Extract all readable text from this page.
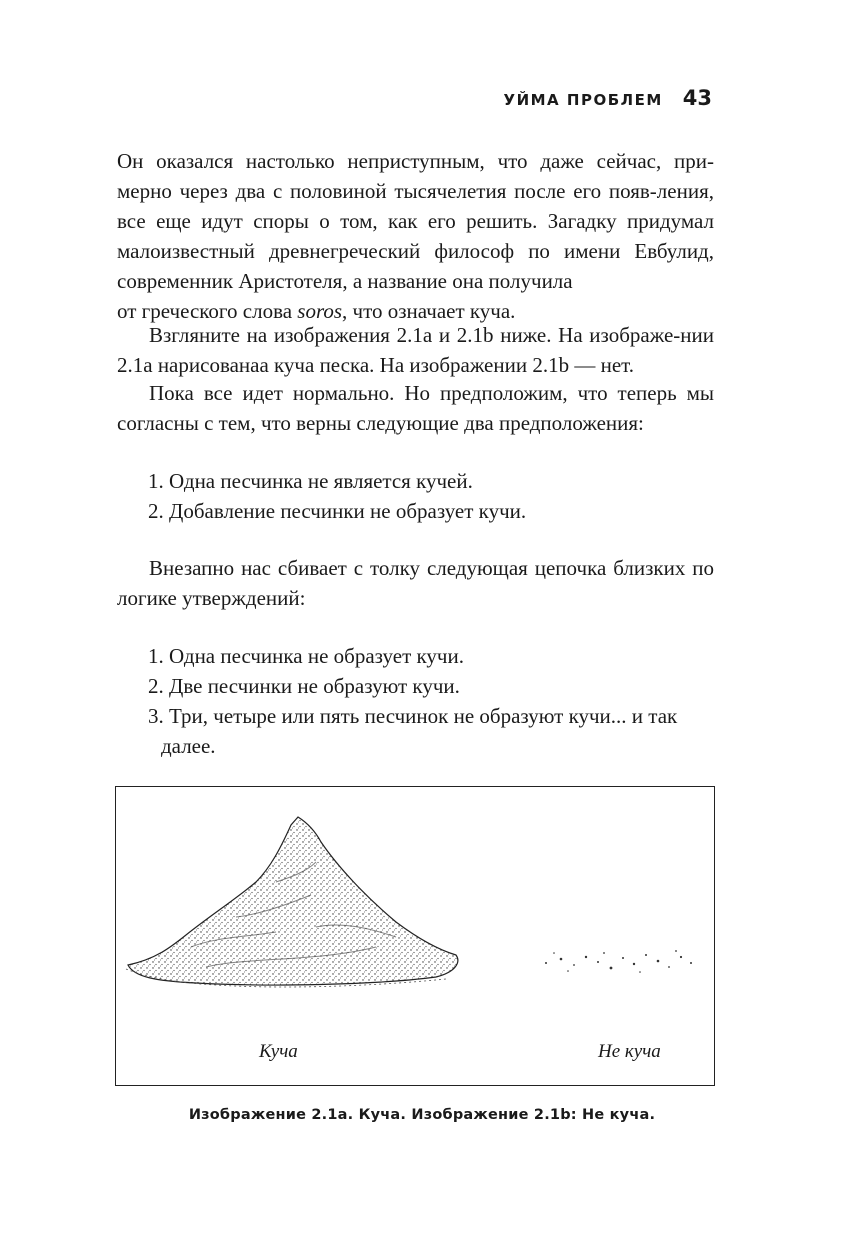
УЙМА ПРОБЛЕМ 43

Он оказался настолько неприступным, что даже сейчас, при-мерно через два с половиной тысячелетия после его появ-ления, все еще идут споры о том, как его решить. Загадку придумал малоизвестный древнегреческий философ по имени Евбулид, современник Аристотеля, а название она получила

от греческого слова soros, что означает куча.

Взгляните на изображения 2.1a и 2.1b ниже. На изображе-нии 2.1a нарисованаа куча песка. На изображении 2.1b — нет.

Пока все идет нормально. Но предположим, что теперь мы согласны с тем, что верны следующие два предположения:

1. Одна песчинка не является кучей.

2. Добавление песчинки не образует кучи.

Внезапно нас сбивает с толку следующая цепочка близких по логике утверждений:

1. Одна песчинка не образует кучи.

2. Две песчинки не образуют кучи.

3. Три, четыре или пять песчинок не образуют кучи... и так

далее.

Куча	Не куча
Изображение 2.1а. Куча. Изображение 2.1b: Не куча.
